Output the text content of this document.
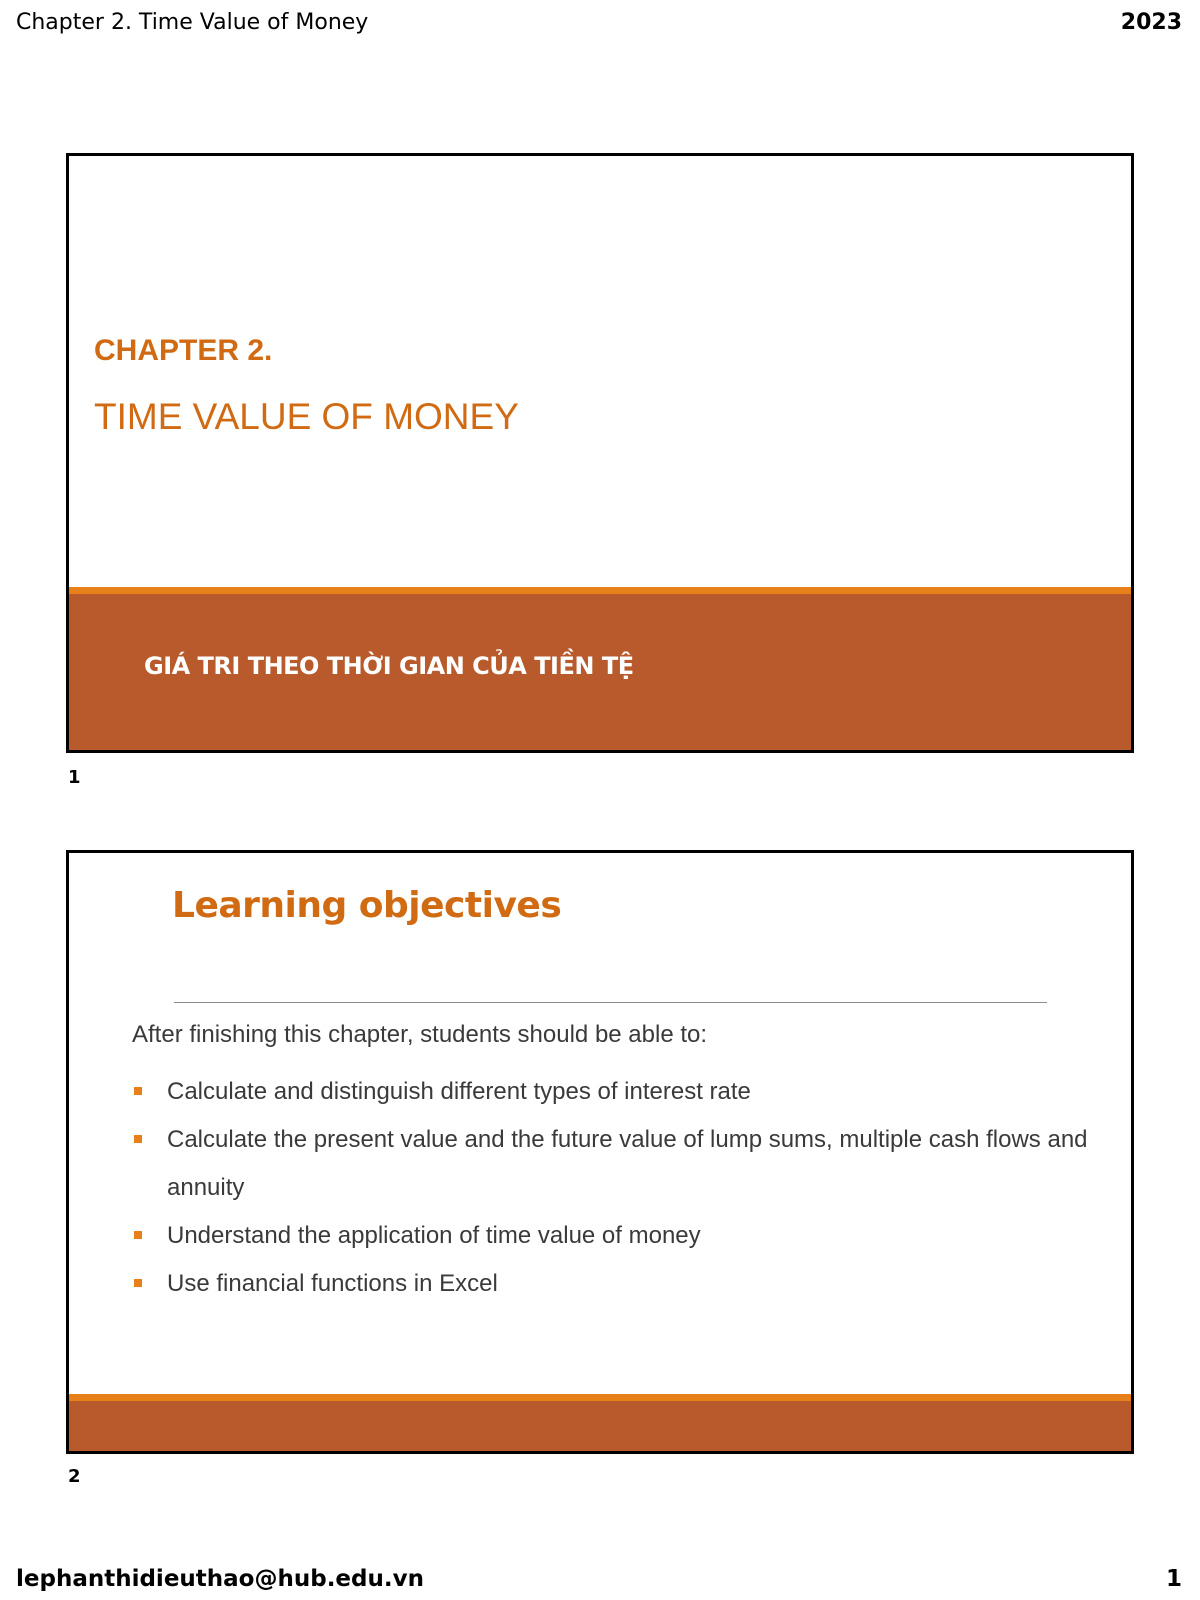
Chapter 2. Time Value of Money	2023
CHAPTER 2.
TIME VALUE OF MONEY
GIÁ TRI THEO THỜI GIAN CỦA TIỀN TỆ
1
Learning objectives
After finishing this chapter, students should be able to:
Calculate and distinguish different types of interest rate
Calculate the present value and the future value of lump sums, multiple cash flows and annuity
Understand the application of time value of money
Use financial functions in Excel
2
lephanthidieuthao@hub.edu.vn	1
